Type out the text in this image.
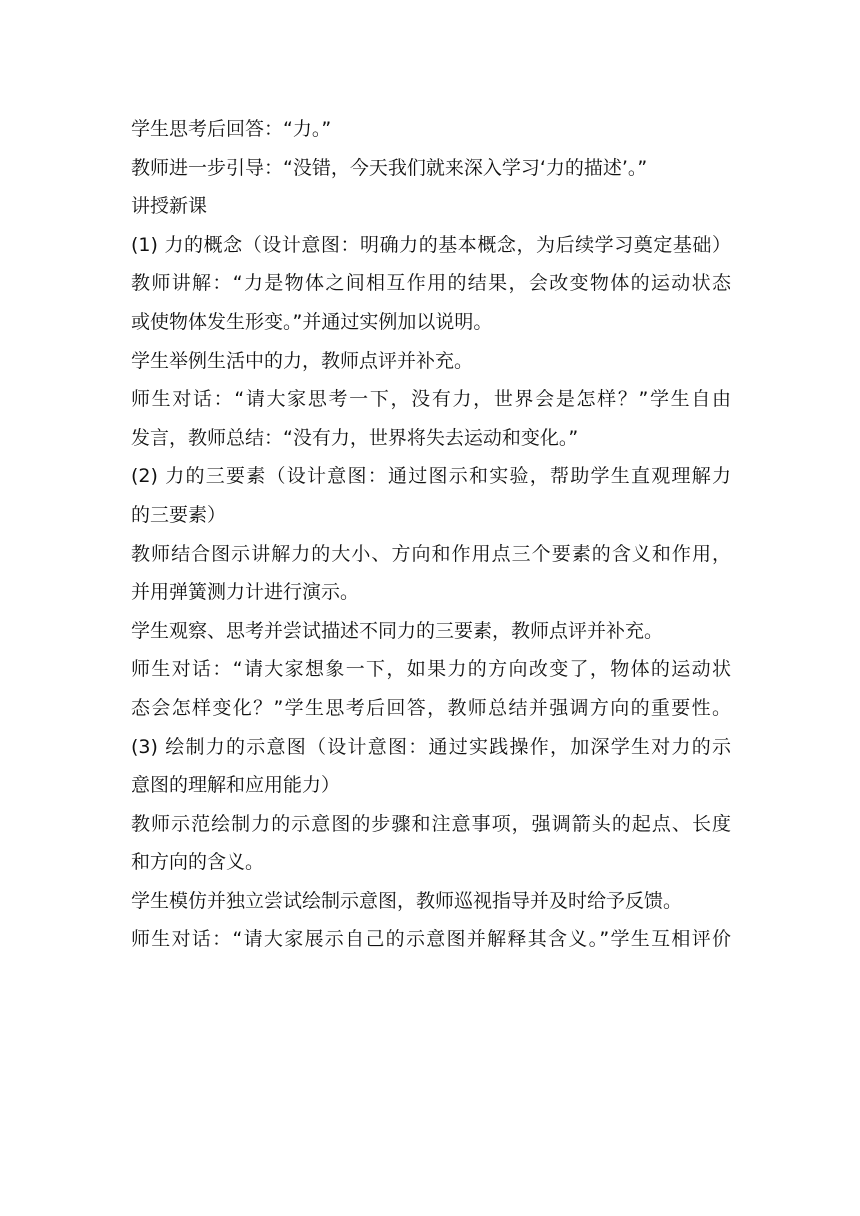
学生思考后回答：“力。”
教师进一步引导：“没错，今天我们就来深入学习‘力的描述’。”
讲授新课
(1) 力的概念（设计意图：明确力的基本概念，为后续学习奠定基础）
教师讲解：“力是物体之间相互作用的结果，会改变物体的运动状态
或使物体发生形变。”并通过实例加以说明。
学生举例生活中的力，教师点评并补充。
师生对话：“请大家思考一下，没有力，世界会是怎样？”学生自由
发言，教师总结：“没有力，世界将失去运动和变化。”
(2) 力的三要素（设计意图：通过图示和实验，帮助学生直观理解力
的三要素）
教师结合图示讲解力的大小、方向和作用点三个要素的含义和作用，
并用弹簧测力计进行演示。
学生观察、思考并尝试描述不同力的三要素，教师点评并补充。
师生对话：“请大家想象一下，如果力的方向改变了，物体的运动状
态会怎样变化？”学生思考后回答，教师总结并强调方向的重要性。
(3) 绘制力的示意图（设计意图：通过实践操作，加深学生对力的示
意图的理解和应用能力）
教师示范绘制力的示意图的步骤和注意事项，强调箭头的起点、长度
和方向的含义。
学生模仿并独立尝试绘制示意图，教师巡视指导并及时给予反馈。
师生对话：“请大家展示自己的示意图并解释其含义。”学生互相评价
